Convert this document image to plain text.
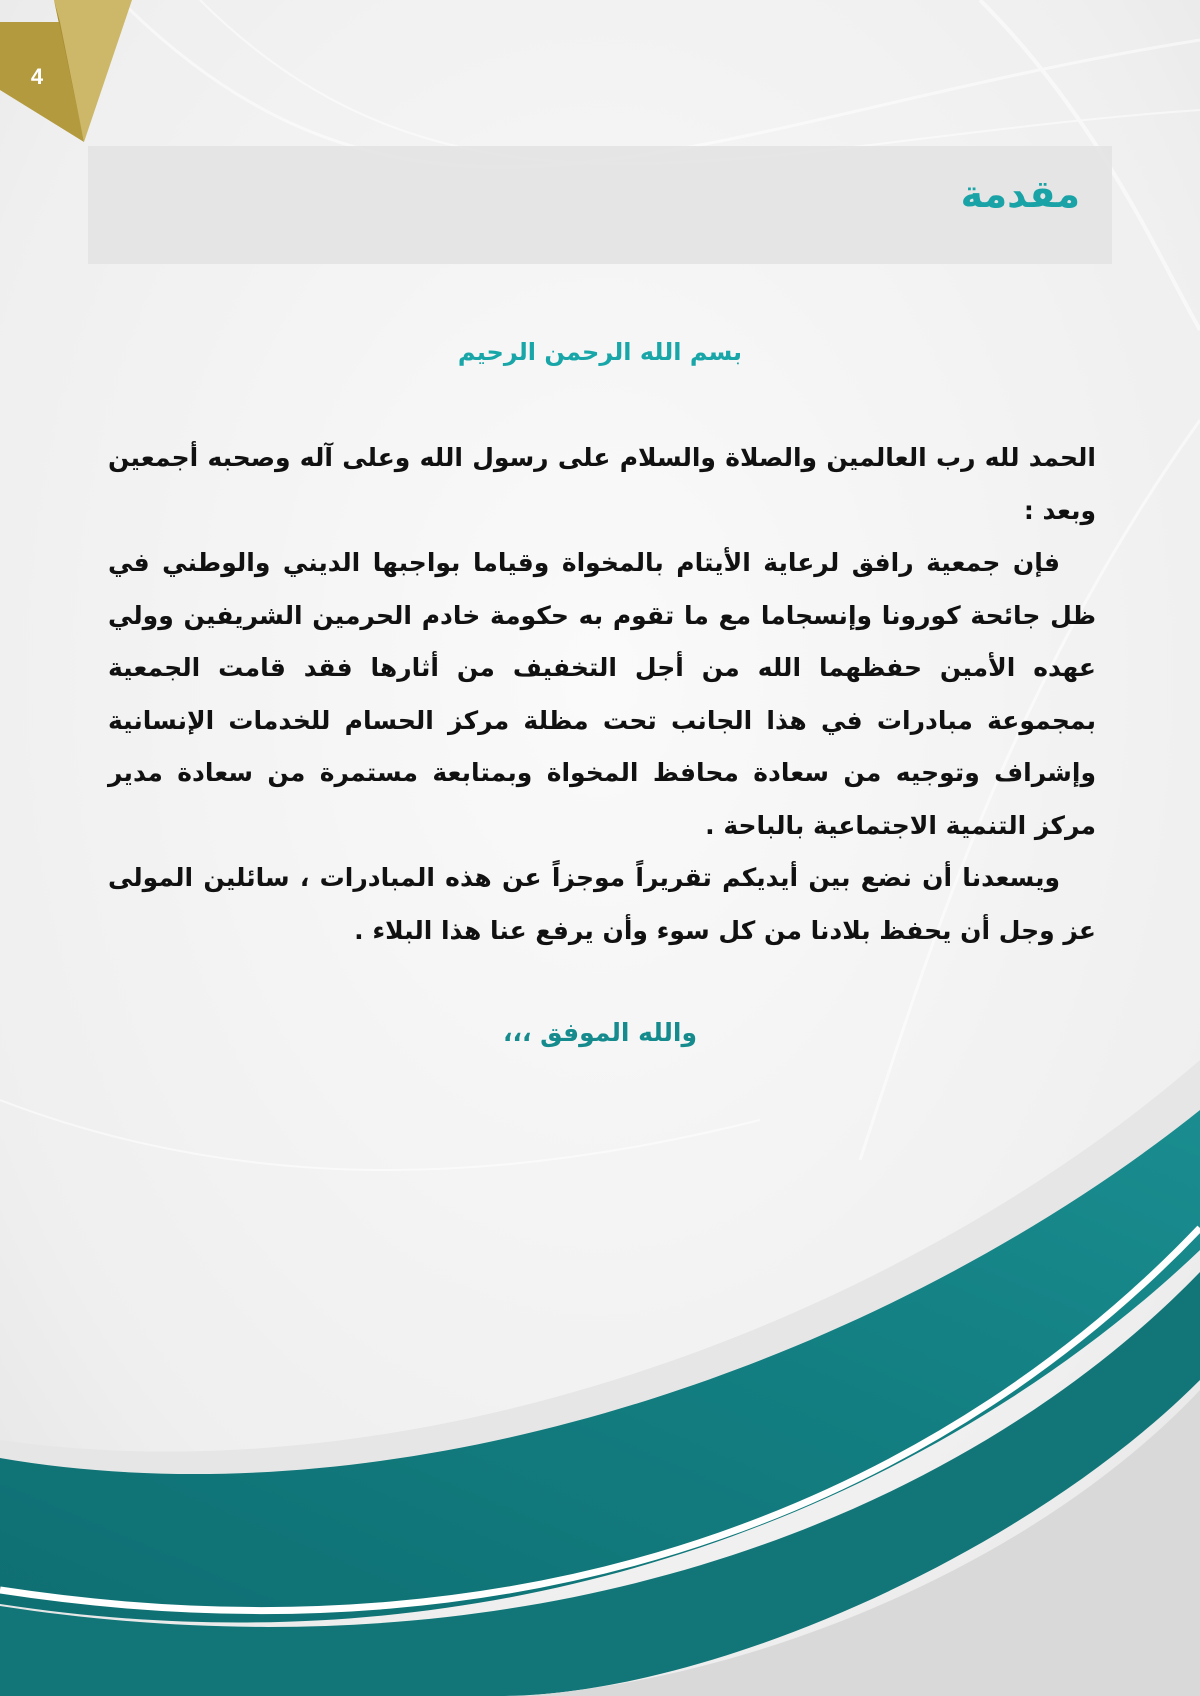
4
مقدمة
بسم الله الرحمن الرحيم

الحمد لله رب العالمين والصلاة والسلام على رسول الله وعلى آله وصحبه أجمعين وبعد :

فإن جمعية رافق لرعاية الأيتام بالمخواة وقياما بواجبها الديني والوطني في ظل جائحة كورونا وإنسجاما مع ما تقوم به حكومة خادم الحرمين الشريفين وولي عهده الأمين حفظهما الله من أجل التخفيف من أثارها فقد قامت الجمعية بمجموعة مبادرات في هذا الجانب تحت مظلة مركز الحسام للخدمات الإنسانية وإشراف وتوجيه من سعادة محافظ المخواة وبمتابعة مستمرة من سعادة مدير مركز التنمية الاجتماعية بالباحة .

ويسعدنا أن نضع بين أيديكم تقريراً موجزاً عن هذه المبادرات ، سائلين المولى عز وجل أن يحفظ بلادنا من كل سوء وأن يرفع عنا هذا البلاء .

والله الموفق ،،،
